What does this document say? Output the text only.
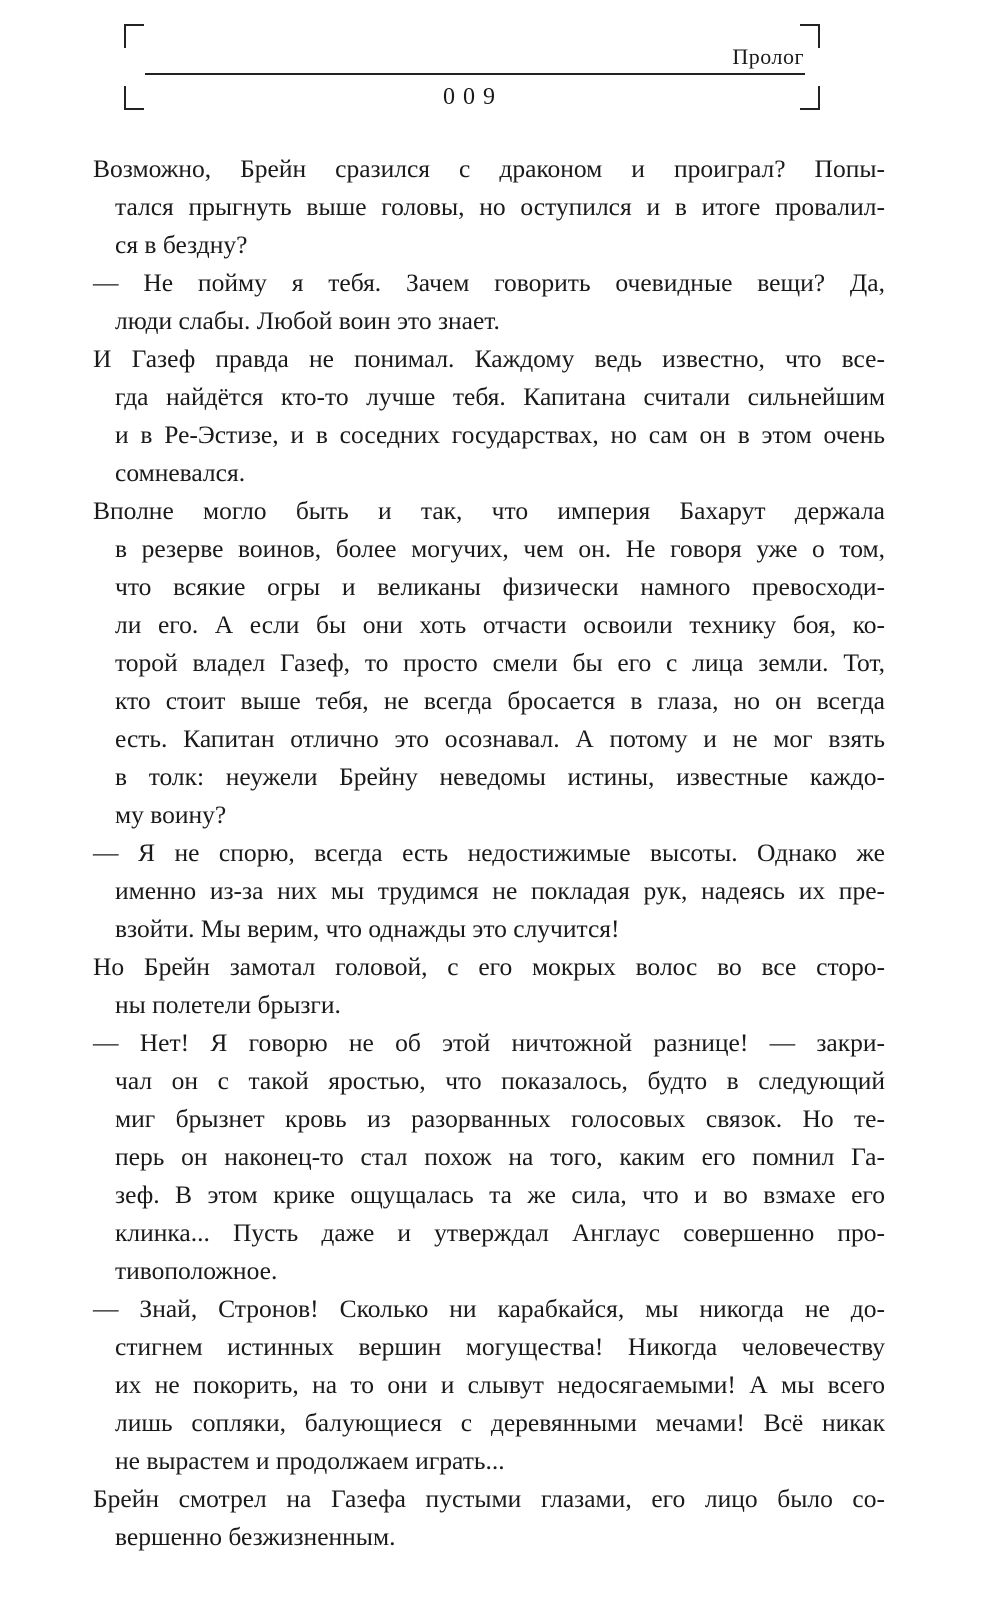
Пролог
009
Возможно, Брейн сразился с драконом и проиграл? Попы-
тался прыгнуть выше головы, но оступился и в итоге провалил-
ся в бездну?
— Не пойму я тебя. Зачем говорить очевидные вещи? Да,
люди слабы. Любой воин это знает.
И Газеф правда не понимал. Каждому ведь известно, что все-
гда найдётся кто-то лучше тебя. Капитана считали сильнейшим
и в Ре-Эстизе, и в соседних государствах, но сам он в этом очень
сомневался.
Вполне могло быть и так, что империя Бахарут держала
в резерве воинов, более могучих, чем он. Не говоря уже о том,
что всякие огры и великаны физически намного превосходи-
ли его. А если бы они хоть отчасти освоили технику боя, ко-
торой владел Газеф, то просто смели бы его с лица земли. Тот,
кто стоит выше тебя, не всегда бросается в глаза, но он всегда
есть. Капитан отлично это осознавал. А потому и не мог взять
в толк: неужели Брейну неведомы истины, известные каждо-
му воину?
— Я не спорю, всегда есть недостижимые высоты. Однако же
именно из-за них мы трудимся не покладая рук, надеясь их пре-
взойти. Мы верим, что однажды это случится!
Но Брейн замотал головой, с его мокрых волос во все сторо-
ны полетели брызги.
— Нет! Я говорю не об этой ничтожной разнице! — закри-
чал он с такой яростью, что показалось, будто в следующий
миг брызнет кровь из разорванных голосовых связок. Но те-
перь он наконец-то стал похож на того, каким его помнил Га-
зеф. В этом крике ощущалась та же сила, что и во взмахе его
клинка... Пусть даже и утверждал Англаус совершенно про-
тивоположное.
— Знай, Стронов! Сколько ни карабкайся, мы никогда не до-
стигнем истинных вершин могущества! Никогда человечеству
их не покорить, на то они и слывут недосягаемыми! А мы всего
лишь сопляки, балующиеся с деревянными мечами! Всё никак
не вырастем и продолжаем играть...
Брейн смотрел на Газефа пустыми глазами, его лицо было со-
вершенно безжизненным.
